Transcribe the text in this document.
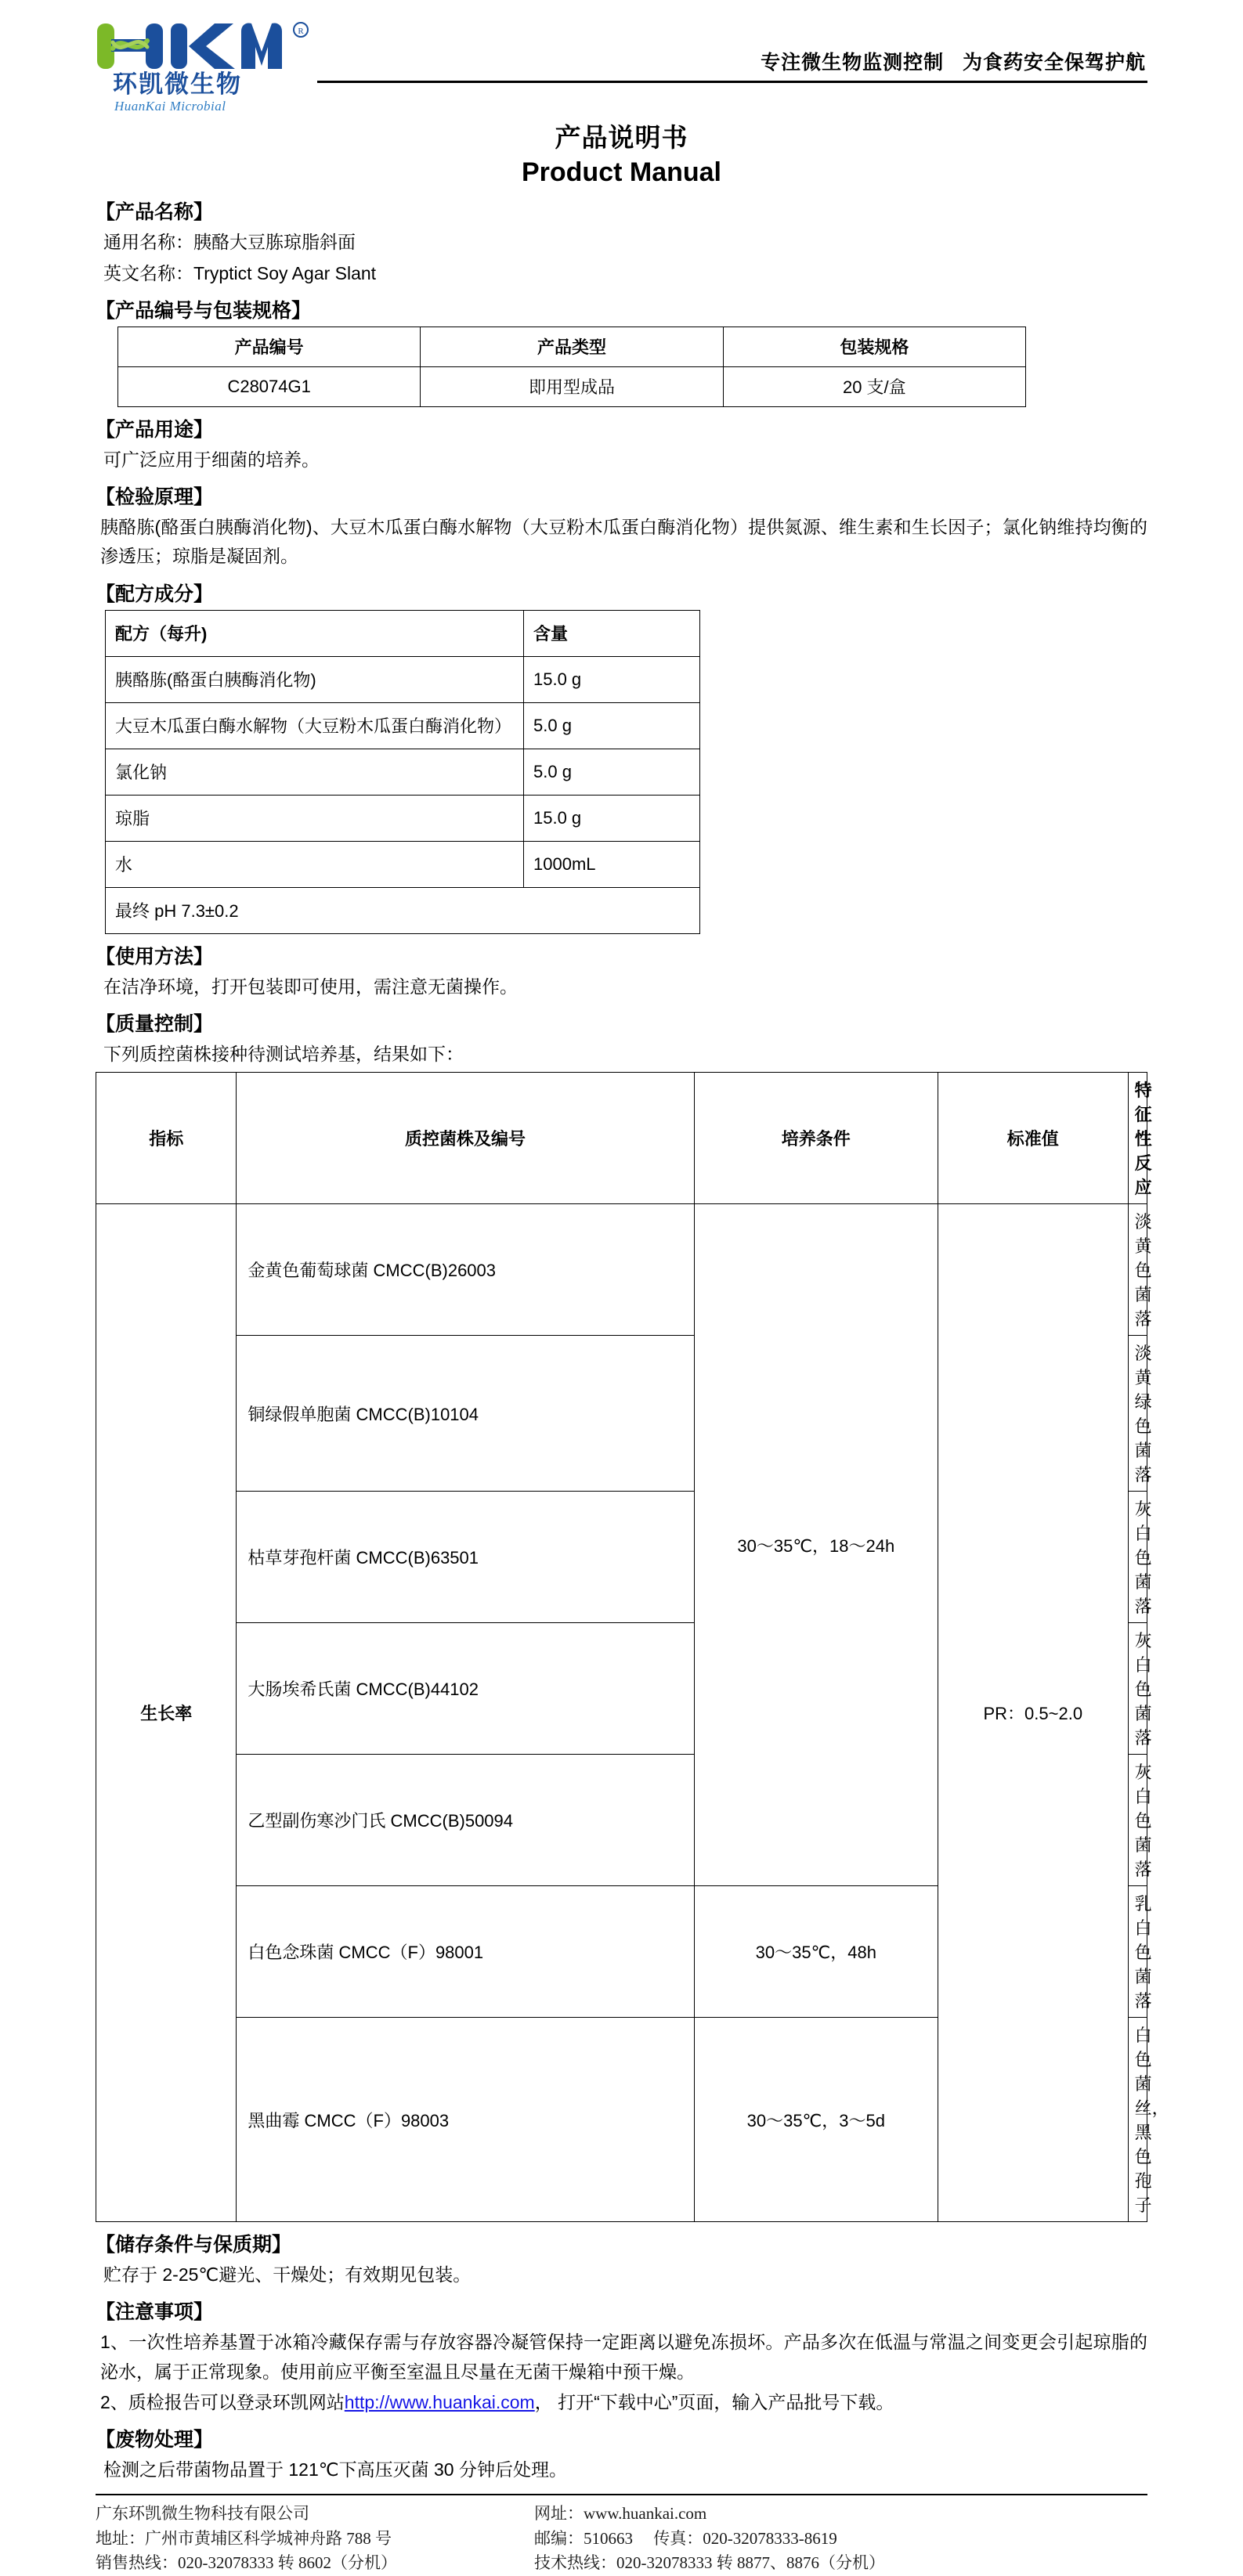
R
环凯微生物
HuanKai Microbial
专注微生物监测控制   为食药安全保驾护航
产品说明书
Product Manual
【产品名称】
通用名称：胰酪大豆胨琼脂斜面
英文名称：Tryptict Soy Agar Slant
【产品编号与包装规格】
产品编号	产品类型	包装规格
C28074G1	即用型成品	20 支/盒
【产品用途】
可广泛应用于细菌的培养。
【检验原理】
胰酪胨(酪蛋白胰酶消化物)、大豆木瓜蛋白酶水解物（大豆粉木瓜蛋白酶消化物）提供氮源、维生素和生长因子；氯化钠维持均衡的渗透压；琼脂是凝固剂。
【配方成分】
配方（每升)	含量
胰酪胨(酪蛋白胰酶消化物)	15.0 g
大豆木瓜蛋白酶水解物（大豆粉木瓜蛋白酶消化物）	5.0 g
氯化钠	5.0 g
琼脂	15.0 g
水	1000mL
最终 pH 7.3±0.2	
【使用方法】
在洁净环境，打开包装即可使用，需注意无菌操作。
【质量控制】
下列质控菌株接种待测试培养基，结果如下：
指标	质控菌株及编号	培养条件	标准值	特征性反应
生长率	金黄色葡萄球菌 CMCC(B)26003	30～35℃，18～24h	PR：0.5~2.0	淡黄色菌落
	铜绿假单胞菌 CMCC(B)10104			淡黄绿色菌落
	枯草芽孢杆菌 CMCC(B)63501			灰白色菌落
	大肠埃希氏菌 CMCC(B)44102			灰白色菌落
	乙型副伤寒沙门氏 CMCC(B)50094			灰白色菌落
	白色念珠菌 CMCC（F）98001	30～35℃，48h		乳白色菌落
	黑曲霉 CMCC（F）98003	30～35℃，3～5d		白色菌丝，黑色孢子
【储存条件与保质期】
贮存于 2-25℃避光、干燥处；有效期见包装。
【注意事项】
1、一次性培养基置于冰箱冷藏保存需与存放容器冷凝管保持一定距离以避免冻损坏。产品多次在低温与常温之间变更会引起琼脂的泌水，属于正常现象。使用前应平衡至室温且尽量在无菌干燥箱中预干燥。
2、质检报告可以登录环凯网站http://www.huankai.com， 打开“下载中心”页面，输入产品批号下载。
【废物处理】
检测之后带菌物品置于 121℃下高压灭菌 30 分钟后处理。
广东环凯微生物科技有限公司
地址：广州市黄埔区科学城神舟路 788 号
销售热线：020-32078333 转 8602（分机）
网址：www.huankai.com
邮编：510663     传真：020-32078333-8619
技术热线：020-32078333 转 8877、8876（分机）
